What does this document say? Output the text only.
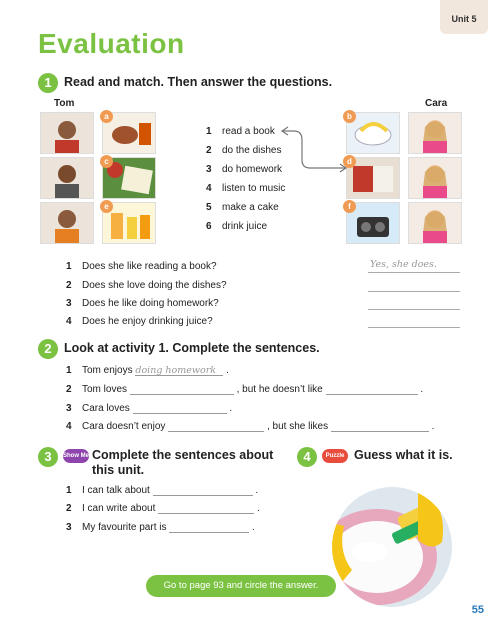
Unit 5
Evaluation
1 Read and match. Then answer the questions.
Tom	Cara
a
c
e
b
d
f
1 read a book
2 do the dishes
3 do homework
4 listen to music
5 make a cake
6 drink juice
1 Does she like reading a book?
2 Does she love doing the dishes?
3 Does he like doing homework?
4 Does he enjoy drinking juice?
Yes, she does.
2 Look at activity 1. Complete the sentences.
1 Tom enjoys doing homework .
2 Tom loves	, but he doesn’t like	.
3 Cara loves	.
4 Cara doesn’t enjoy	, but she likes	.
3	Show Me Complete the sentences about
this unit.
1 I can talk about	.
2 I can write about	.
3 My favourite part is	.
4	Puzzle Guess what it is.
Go to page 93 and circle the answer.
55
